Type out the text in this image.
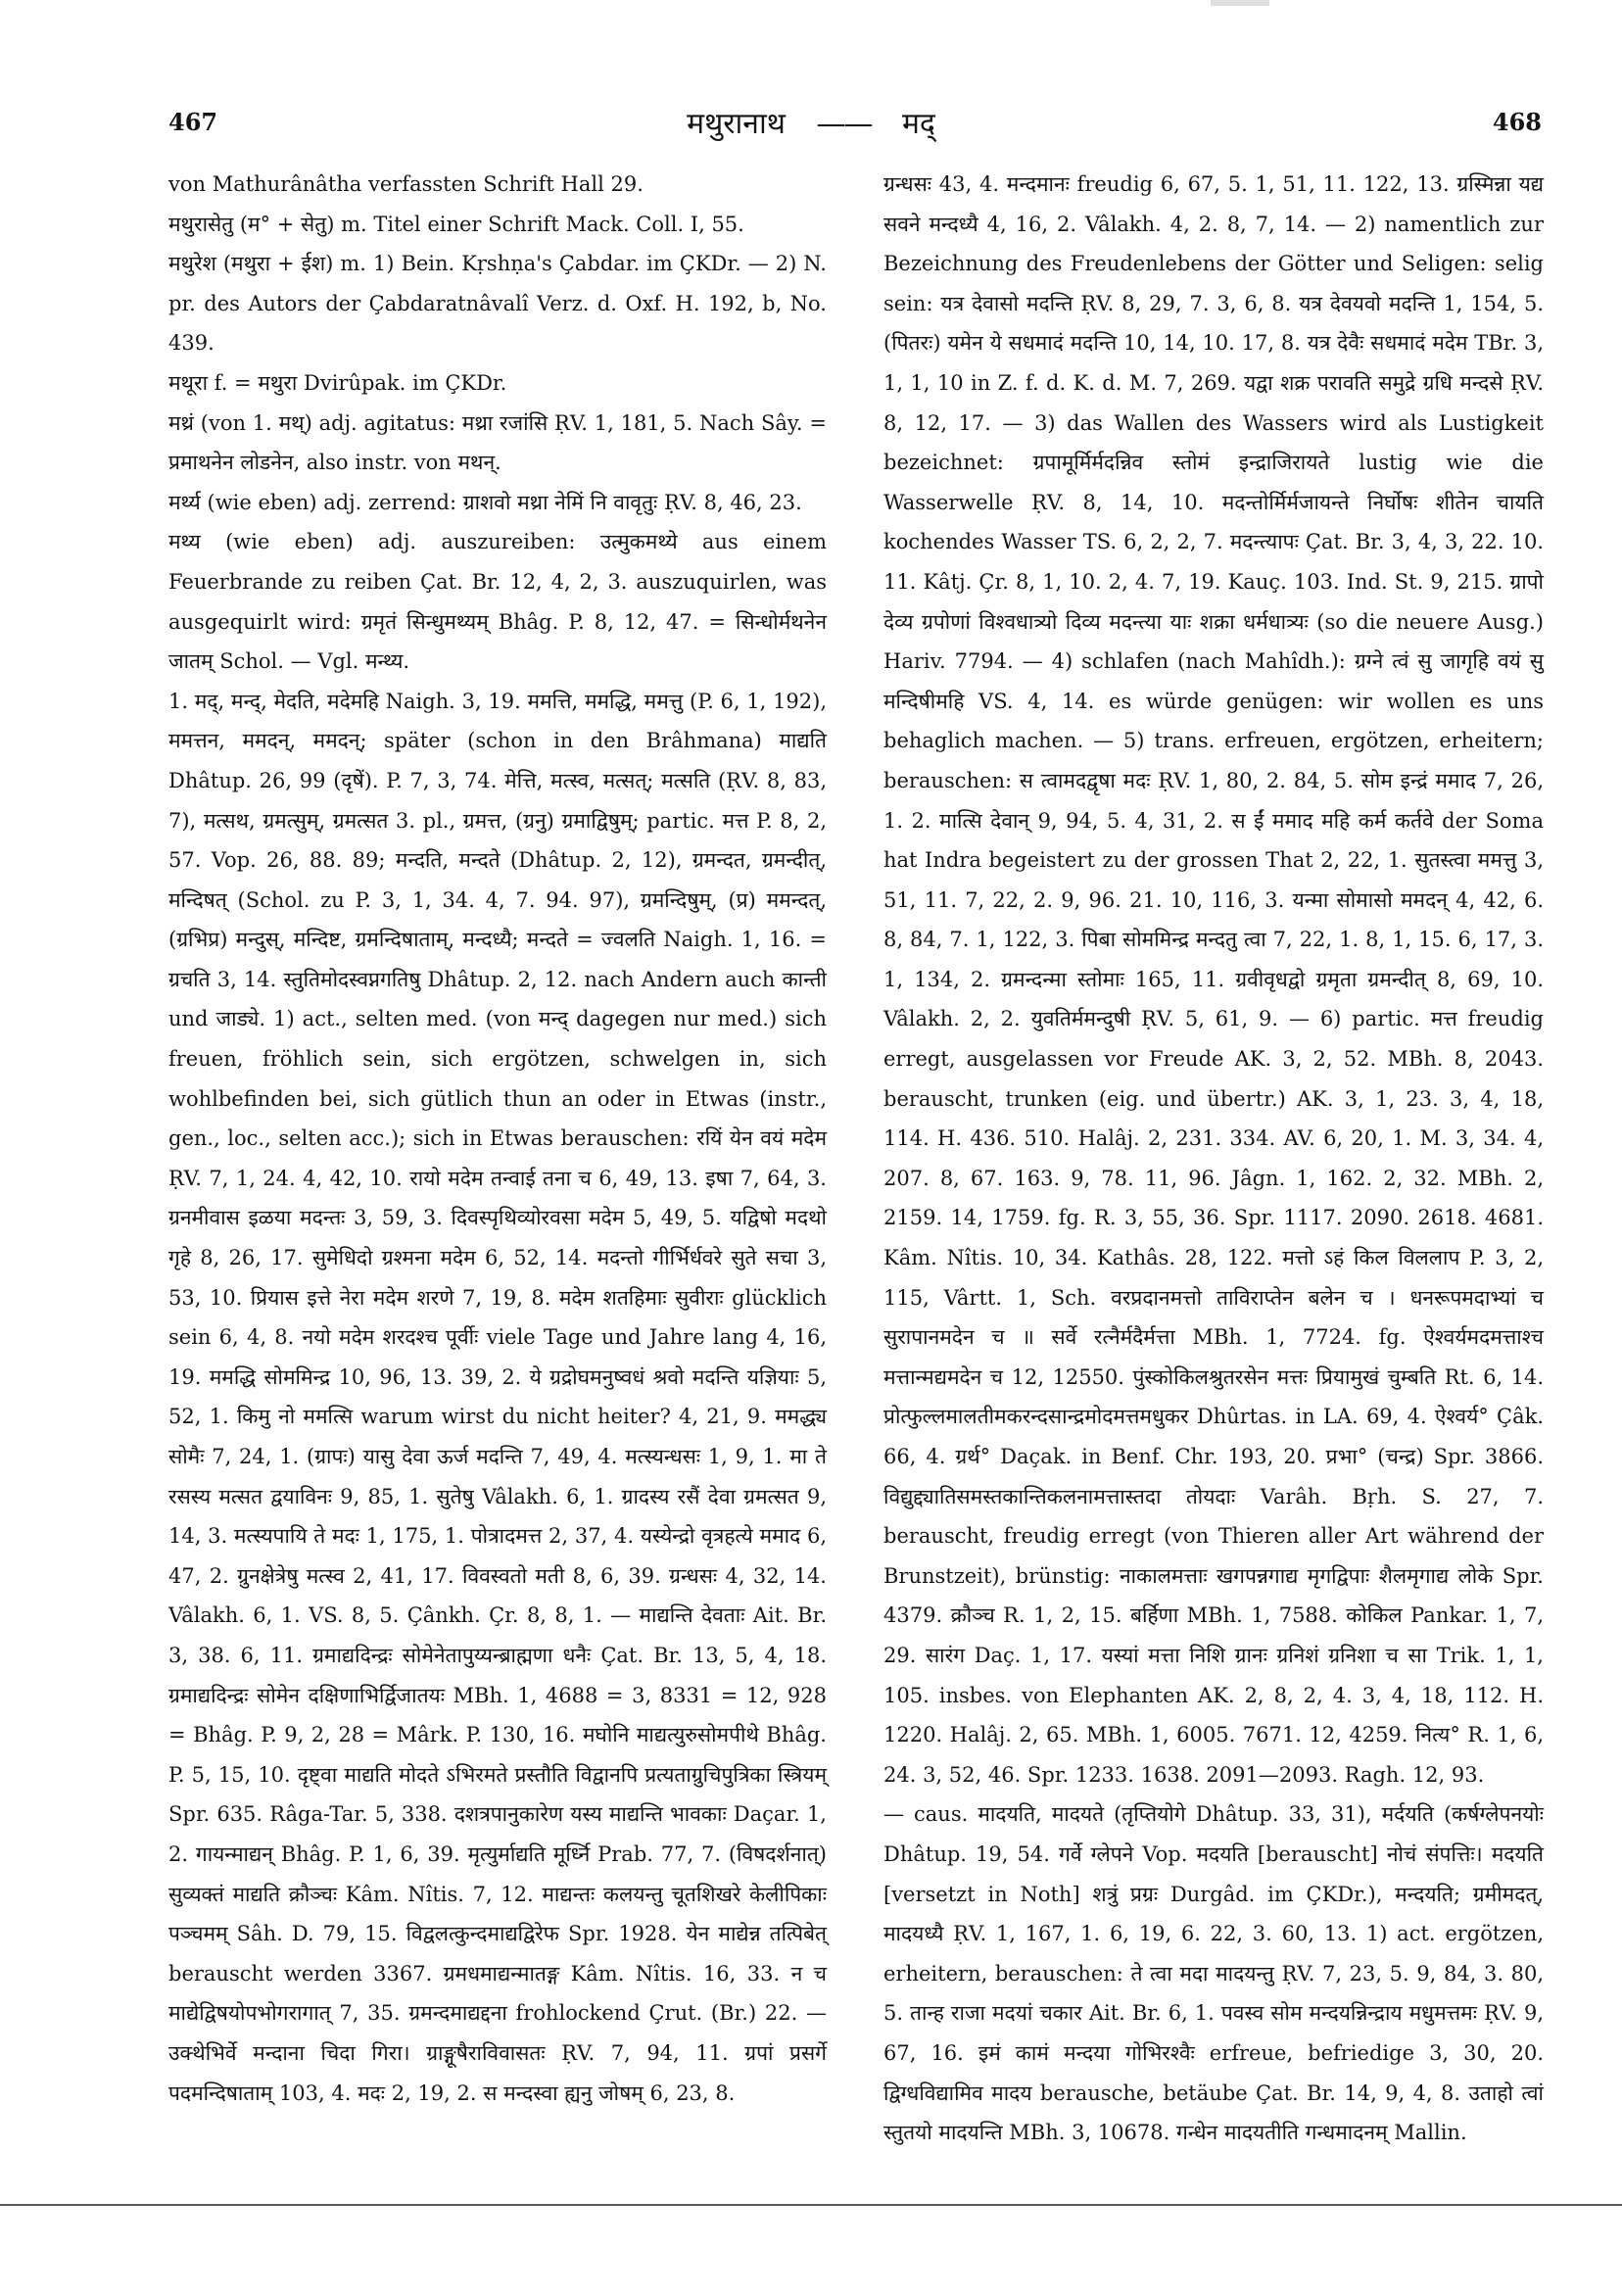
467	मथुरानाथ —— मद्	468

von Mathurânâtha verfassten Schrift Hall 29.

मथुरासेतु (म° + सेतु) m. Titel einer Schrift Mack. Coll. I, 55.

मथुरेश (मथुरा + ईश) m. 1) Bein. Kṛshṇa's Çabdar. im ÇKDr. — 2) N. pr. des Autors der Çabdaratnâvalî Verz. d. Oxf. H. 192, b, No. 439.

मथूरा f. = मथुरा Dvirûpak. im ÇKDr.

मथ्रं (von 1. मथ्) adj. agitatus: मथ्रा रजांसि ṚV. 1, 181, 5. Nach Sây. = प्रमाथनेन लोडनेन, also instr. von मथन्.

मर्थ्य (wie eben) adj. zerrend: ग्राशवो मथ्रा नेमिं नि वावृतुः ṚV. 8, 46, 23.

मथ्य (wie eben) adj. auszureiben: उत्मुकमथ्ये aus einem Feuerbrande zu reiben Çat. Br. 12, 4, 2, 3. auszuquirlen, was ausgequirlt wird: ग्रमृतं सिन्धुमथ्यम् Bhâg. P. 8, 12, 47. = सिन्धोर्मथनेन जातम् Schol. — Vgl. मन्थ्य.

1. मद्, मन्द्, मेदति, मदेमहि Naigh. 3, 19. ममत्ति, ममद्धि, ममत्तु (P. 6, 1, 192), ममत्तन, ममदन्, ममदन्; später (schon in den Brâhmana) माद्यति Dhâtup. 26, 99 (दृषें). P. 7, 3, 74. मेत्ति, मत्स्व, मत्सत्; मत्सति (ṚV. 8, 83, 7), मत्सथ, ग्रमत्सुम्, ग्रमत्सत 3. pl., ग्रमत्त, (ग्रनु) ग्रमाद्विषुम्; partic. मत्त P. 8, 2, 57. Vop. 26, 88. 89; मन्दति, मन्दते (Dhâtup. 2, 12), ग्रमन्दत, ग्रमन्दीत्, मन्दिषत् (Schol. zu P. 3, 1, 34. 4, 7. 94. 97), ग्रमन्दिषुम्, (प्र) ममन्दत्, (ग्रभिप्र) मन्दुस्, मन्दिष्ट, ग्रमन्दिषाताम्, मन्दध्यै; मन्दते = ज्वलति Naigh. 1, 16. = ग्रचति 3, 14. स्तुतिमोदस्वप्नगतिषु Dhâtup. 2, 12. nach Andern auch कान्ती und जाड्ये. 1) act., selten med. (von मन्द् dagegen nur med.) sich freuen, fröhlich sein, sich ergötzen, schwelgen in, sich wohlbefinden bei, sich gütlich thun an oder in Etwas (instr., gen., loc., selten acc.); sich in Etwas berauschen: रयिं येन वयं मदेम ṚV. 7, 1, 24. 4, 42, 10. रायो मदेम तन्वाई तना च 6, 49, 13. इषा 7, 64, 3. ग्रनमीवास इळया मदन्तः 3, 59, 3. दिवस्पृथिव्योरवसा मदेम 5, 49, 5. यद्विषो मदथो गृहे 8, 26, 17. सुमेधिदो ग्रश्मना मदेम 6, 52, 14. मदन्तो गीर्भिर्धवरे सुते सचा 3, 53, 10. प्रियास इत्ते नेरा मदेम शरणे 7, 19, 8. मदेम शतहिमाः सुवीराः glücklich sein 6, 4, 8. नयो मदेम शरदश्च पूर्वीः viele Tage und Jahre lang 4, 16, 19. ममद्धि सोममिन्द्र 10, 96, 13. 39, 2. ये ग्रद्रोघमनुष्वधं श्रवो मदन्ति यज्ञियाः 5, 52, 1. किमु नो ममत्सि warum wirst du nicht heiter? 4, 21, 9. ममद्ध्य सोमैः 7, 24, 1. (ग्रापः) यासु देवा ऊर्ज मदन्ति 7, 49, 4. मत्स्यन्धसः 1, 9, 1. मा ते रसस्य मत्सत द्वयाविनः 9, 85, 1. सुतेषु Vâlakh. 6, 1. ग्रादस्य रसैं देवा ग्रमत्सत 9, 14, 3. मत्स्यपायि ते मदः 1, 175, 1. पोत्रादमत्त 2, 37, 4. यस्येन्द्रो वृत्रहत्ये ममाद 6, 47, 2. ग्रुनक्षेत्रेषु मत्स्व 2, 41, 17. विवस्वतो मती 8, 6, 39. ग्रन्धसः 4, 32, 14. Vâlakh. 6, 1. VS. 8, 5. Çânkh. Çr. 8, 8, 1. — माद्यन्ति देवताः Ait. Br. 3, 38. 6, 11. ग्रमाद्यदिन्द्रः सोमेनेतापुय्यन्ब्राह्मणा धनैः Çat. Br. 13, 5, 4, 18. ग्रमाद्यदिन्द्रः सोमेन दक्षिणाभिर्द्विजातयः MBh. 1, 4688 = 3, 8331 = 12, 928 = Bhâg. P. 9, 2, 28 = Mârk. P. 130, 16. मघोनि माद्यत्युरुसोमपीथे Bhâg. P. 5, 15, 10. दृष्ट्वा माद्यति मोदते ऽभिरमते प्रस्तौति विद्वानपि प्रत्यताग्रुचिपुत्रिका स्त्रियम् Spr. 635. Râga-Tar. 5, 338. दशत्रपानुकारेण यस्य माद्यन्ति भावकाः Daçar. 1, 2. गायन्माद्यन् Bhâg. P. 1, 6, 39. मृत्युर्माद्यति मूर्ध्नि Prab. 77, 7. (विषदर्शनात्) सुव्यक्तं माद्यति क्रौञ्चः Kâm. Nîtis. 7, 12. माद्यन्तः कलयन्तु चूतशिखरे केलीपिकाः पञ्चमम् Sâh. D. 79, 15. विद्वलत्कुन्दमाद्यद्विरेफ Spr. 1928. येन माद्येन्न तत्पिबेत् berauscht werden 3367. ग्रमधमाद्यन्मातङ्ग Kâm. Nîtis. 16, 33. न च माद्येद्विषयोपभोगरागात् 7, 35. ग्रमन्दमाद्यद्दना frohlockend Çrut. (Br.) 22. — उक्थेभिर्वे मन्दाना चिदा गिरा। ग्राङ्गूषैराविवासतः ṚV. 7, 94, 11. ग्रपां प्रसर्गे पदमन्दिषाताम् 103, 4. मदः 2, 19, 2. स मन्दस्वा ह्यनु जोषम् 6, 23, 8.

ग्रन्धसः 43, 4. मन्दमानः freudig 6, 67, 5. 1, 51, 11. 122, 13. ग्रस्मिन्ना यद्य सवने मन्दध्यै 4, 16, 2. Vâlakh. 4, 2. 8, 7, 14. — 2) namentlich zur Bezeichnung des Freudenlebens der Götter und Seligen: selig sein: यत्र देवासो मदन्ति ṚV. 8, 29, 7. 3, 6, 8. यत्र देवयवो मदन्ति 1, 154, 5. (पितरः) यमेन ये सधमादं मदन्ति 10, 14, 10. 17, 8. यत्र देवैः सधमादं मदेम TBr. 3, 1, 1, 10 in Z. f. d. K. d. M. 7, 269. यद्वा शक्र परावति समुद्रे ग्रधि मन्दसे ṚV. 8, 12, 17. — 3) das Wallen des Wassers wird als Lustigkeit bezeichnet: ग्रपामूर्मिर्मदन्निव स्तोमं इन्द्राजिरायते lustig wie die Wasserwelle ṚV. 8, 14, 10. मदन्तोर्मिर्मजायन्ते निर्घोषः शीतेन चायति kochendes Wasser TS. 6, 2, 2, 7. मदन्त्यापः Çat. Br. 3, 4, 3, 22. 10. 11. Kâtj. Çr. 8, 1, 10. 2, 4. 7, 19. Kauç. 103. Ind. St. 9, 215. ग्रापो देव्य ग्रपोणां विश्वधात्र्यो दिव्य मदन्त्या याः शक्रा धर्मधात्र्यः (so die neuere Ausg.) Hariv. 7794. — 4) schlafen (nach Mahîdh.): ग्रग्ने त्वं सु जागृहि वयं सु मन्दिषीमहि VS. 4, 14. es würde genügen: wir wollen es uns behaglich machen. — 5) trans. erfreuen, ergötzen, erheitern; berauschen: स त्वामदद्वृषा मदः ṚV. 1, 80, 2. 84, 5. सोम इन्द्रं ममाद 7, 26, 1. 2. मात्सि देवान् 9, 94, 5. 4, 31, 2. स ईं ममाद महि कर्म कर्तवे der Soma hat Indra begeistert zu der grossen That 2, 22, 1. सुतस्त्वा ममत्तु 3, 51, 11. 7, 22, 2. 9, 96. 21. 10, 116, 3. यन्मा सोमासो ममदन् 4, 42, 6. 8, 84, 7. 1, 122, 3. पिबा सोममिन्द्र मन्दतु त्वा 7, 22, 1. 8, 1, 15. 6, 17, 3. 1, 134, 2. ग्रमन्दन्मा स्तोमाः 165, 11. ग्रवीवृधद्वो ग्रमृता ग्रमन्दीत् 8, 69, 10. Vâlakh. 2, 2. युवतिर्ममन्दुषी ṚV. 5, 61, 9. — 6) partic. मत्त freudig erregt, ausgelassen vor Freude AK. 3, 2, 52. MBh. 8, 2043. berauscht, trunken (eig. und übertr.) AK. 3, 1, 23. 3, 4, 18, 114. H. 436. 510. Halâj. 2, 231. 334. AV. 6, 20, 1. M. 3, 34. 4, 207. 8, 67. 163. 9, 78. 11, 96. Jâgn. 1, 162. 2, 32. MBh. 2, 2159. 14, 1759. fg. R. 3, 55, 36. Spr. 1117. 2090. 2618. 4681. Kâm. Nîtis. 10, 34. Kathâs. 28, 122. मत्तो ऽहं किल विललाप P. 3, 2, 115, Vârtt. 1, Sch. वरप्रदानमत्तो ताविराप्तेन बलेन च । धनरूपमदाभ्यां च सुरापानमदेन च ॥ सर्वे रत्नैर्मदैर्मत्ता MBh. 1, 7724. fg. ऐश्वर्यमदमत्ताश्च मत्तान्मद्यमदेन च 12, 12550. पुंस्कोकिलश्रुतरसेन मत्तः प्रियामुखं चुम्बति Rt. 6, 14. प्रोत्फुल्लमालतीमकरन्दसान्द्रमोदमत्तमधुकर Dhûrtas. in LA. 69, 4. ऐश्वर्य° Çâk. 66, 4. ग्रर्थ° Daçak. in Benf. Chr. 193, 20. प्रभा° (चन्द्र) Spr. 3866. विद्युद्द्यातिसमस्तकान्तिकलनामत्तास्तदा तोयदाः Varâh. Bṛh. S. 27, 7. berauscht, freudig erregt (von Thieren aller Art während der Brunstzeit), brünstig: नाकालमत्ताः खगपन्नगाद्य मृगद्विपाः शैलमृगाद्य लोके Spr. 4379. क्रौञ्च R. 1, 2, 15. बर्हिणा MBh. 1, 7588. कोकिल Pankar. 1, 7, 29. सारंग Daç. 1, 17. यस्यां मत्ता निशि ग्रानः ग्रनिशं ग्रनिशा च सा Trik. 1, 1, 105. insbes. von Elephanten AK. 2, 8, 2, 4. 3, 4, 18, 112. H. 1220. Halâj. 2, 65. MBh. 1, 6005. 7671. 12, 4259. नित्य° R. 1, 6, 24. 3, 52, 46. Spr. 1233. 1638. 2091—2093. Ragh. 12, 93.

— caus. मादयति, मादयते (तृप्तियोगे Dhâtup. 33, 31), मर्दयति (कर्षग्लेपनयोः Dhâtup. 19, 54. गर्वे ग्लेपने Vop. मदयति [berauscht] नोचं संपत्तिः। मदयति [versetzt in Noth] शत्रुं प्रग्रः Durgâd. im ÇKDr.), मन्दयति; ग्रमीमदत्, मादयध्यै ṚV. 1, 167, 1. 6, 19, 6. 22, 3. 60, 13. 1) act. ergötzen, erheitern, berauschen: ते त्वा मदा मादयन्तु ṚV. 7, 23, 5. 9, 84, 3. 80, 5. तान्ह राजा मदयां चकार Ait. Br. 6, 1. पवस्व सोम मन्दयन्निन्द्राय मधुमत्तमः ṚV. 9, 67, 16. इमं कामं मन्दया गोभिरश्वैः erfreue, befriedige 3, 30, 20. द्विग्धविद्यामिव मादय berausche, betäube Çat. Br. 14, 9, 4, 8. उताहो त्वां स्तुतयो मादयन्ति MBh. 3, 10678. गन्धेन मादयतीति गन्धमादनम् Mallin.
